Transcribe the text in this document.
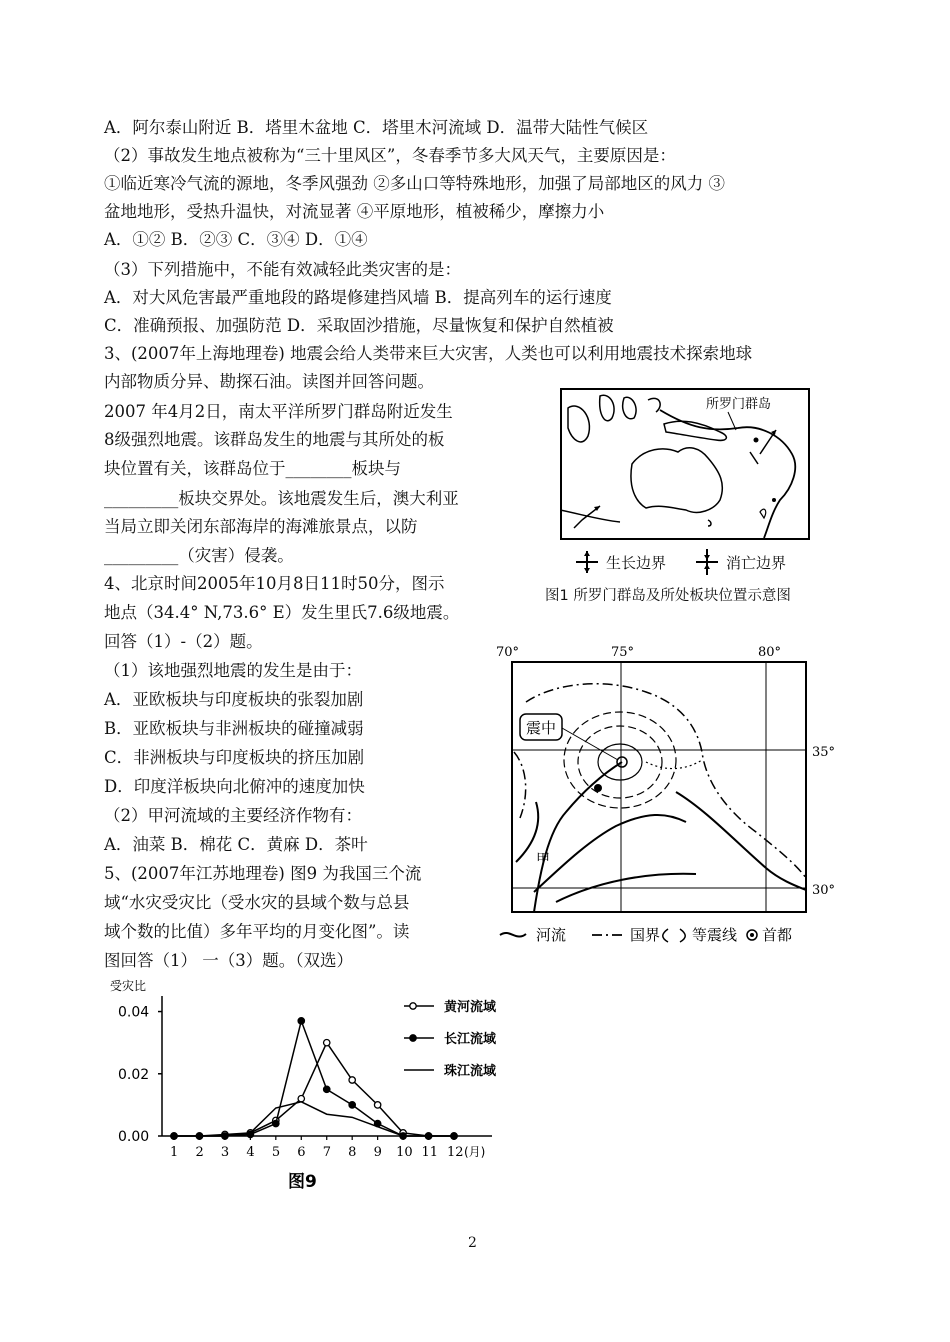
A．阿尔泰山附近 B．塔里木盆地 C．塔里木河流域 D．温带大陆性气候区
（2）事故发生地点被称为“三十里风区”，冬春季节多大风天气，主要原因是：
①临近寒冷气流的源地，冬季风强劲 ②多山口等特殊地形，加强了局部地区的风力 ③
盆地地形，受热升温快，对流显著 ④平原地形，植被稀少，摩擦力小
A．①② B．②③ C．③④ D．①④
（3）下列措施中，不能有效减轻此类灾害的是：
A．对大风危害最严重地段的路堤修建挡风墙 B．提高列车的运行速度
C．准确预报、加强防范 D．采取固沙措施，尽量恢复和保护自然植被
3、(2007年上海地理卷) 地震会给人类带来巨大灾害，人类也可以利用地震技术探索地球
内部物质分异、勘探石油。读图并回答问题。
2007 年4月2日，南太平洋所罗门群岛附近发生
8级强烈地震。该群岛发生的地震与其所处的板
块位置有关，该群岛位于________板块与
_________板块交界处。该地震发生后，澳大利亚
当局立即关闭东部海岸的海滩旅景点，以防
_________（灾害）侵袭。
所罗门群岛
生长边界	消亡边界
图1 所罗门群岛及所处板块位置示意图
4、北京时间2005年10月8日11时50分，图示
地点（34.4° N,73.6° E）发生里氏7.6级地震。
回答（1）-（2）题。
（1）该地强烈地震的发生是由于：
A．亚欧板块与印度板块的张裂加剧
B．亚欧板块与非洲板块的碰撞减弱
C．非洲板块与印度板块的挤压加剧
D．印度洋板块向北俯冲的速度加快
（2）甲河流域的主要经济作物有：
A．油菜 B．棉花 C．黄麻 D．茶叶
70°	75°	80°
35°
30°
震中
甲
河流	国界 等震线 首都
5、(2007年江苏地理卷) 图9 为我国三个流
域“水灾受灾比（受水灾的县域个数与总县
域个数的比值）多年平均的月变化图”。读
图回答（1） 一（3）题。（双选）
受灾比
0.00
0.02
0.04
1 2 3 4 5 6 7 8 9 10 11 12 (月)
黄河流域
长江流域
珠江流域
图9
2
